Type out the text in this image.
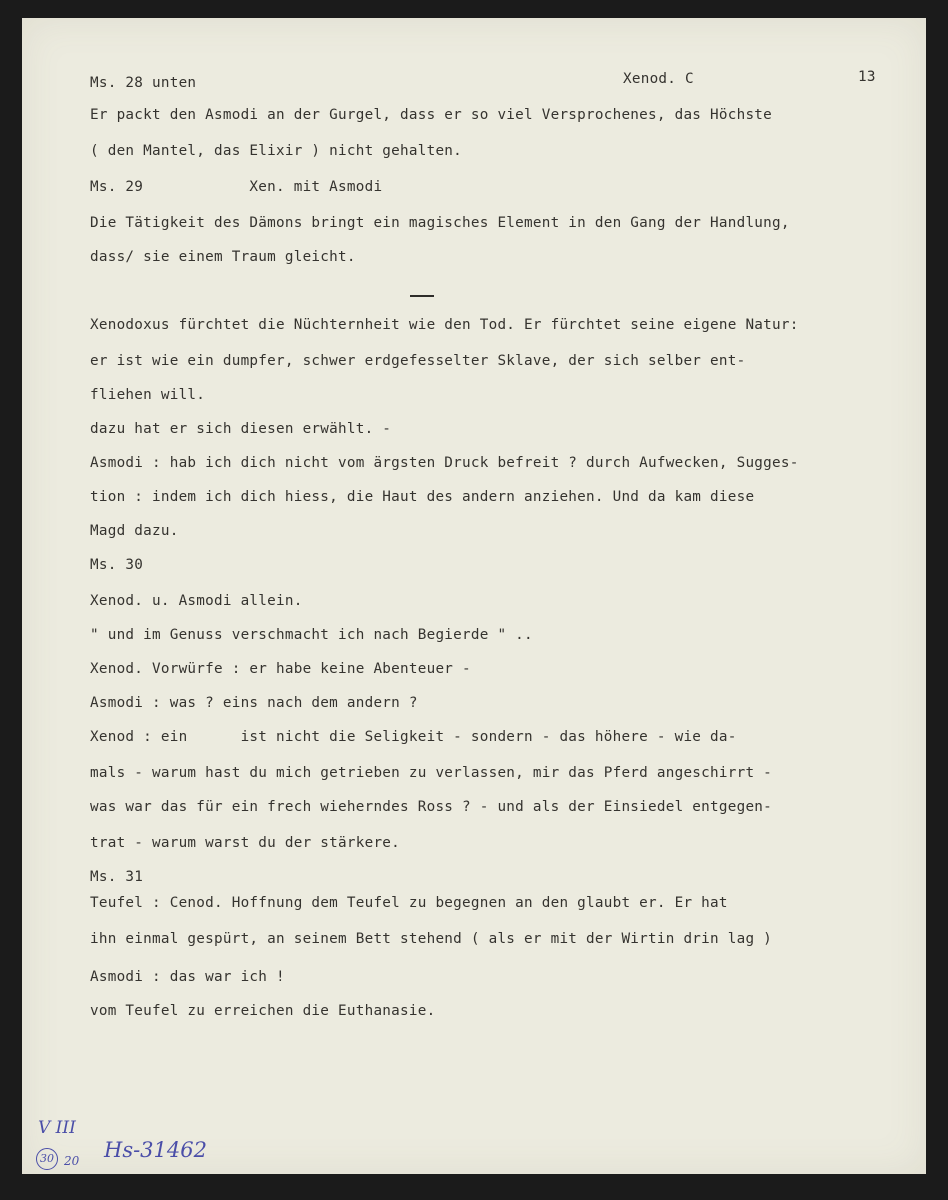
Ms. 28 unten	Xenod. C	13
Er packt den Asmodi an der Gurgel, dass er so viel Versprochenes, das Höchste
( den Mantel, das Elixir ) nicht gehalten.
Ms. 29            Xen. mit Asmodi
Die Tätigkeit des Dämons bringt ein magisches Element in den Gang der Handlung,
dass/ sie einem Traum gleicht.
Xenodoxus fürchtet die Nüchternheit wie den Tod. Er fürchtet seine eigene Natur:
er ist wie ein dumpfer, schwer erdgefesselter Sklave, der sich selber ent-
fliehen will.
dazu hat er sich diesen erwählt. -
Asmodi : hab ich dich nicht vom ärgsten Druck befreit ? durch Aufwecken, Sugges-
tion : indem ich dich hiess, die Haut des andern anziehen. Und da kam diese
Magd dazu.
Ms. 30
Xenod. u. Asmodi allein.
" und im Genuss verschmacht ich nach Begierde " ..
Xenod. Vorwürfe : er habe keine Abenteuer -
Asmodi : was ? eins nach dem andern ?
Xenod : ein      ist nicht die Seligkeit - sondern - das höhere - wie da-
mals - warum hast du mich getrieben zu verlassen, mir das Pferd angeschirrt -
was war das für ein frech wieherndes Ross ? - und als der Einsiedel entgegen-
trat - warum warst du der stärkere.
Ms. 31
Teufel : Cenod. Hoffnung dem Teufel zu begegnen an den glaubt er. Er hat
ihn einmal gespürt, an seinem Bett stehend ( als er mit der Wirtin drin lag )
Asmodi : das war ich !
vom Teufel zu erreichen die Euthanasie.
V III
30 20 Hs-31462
